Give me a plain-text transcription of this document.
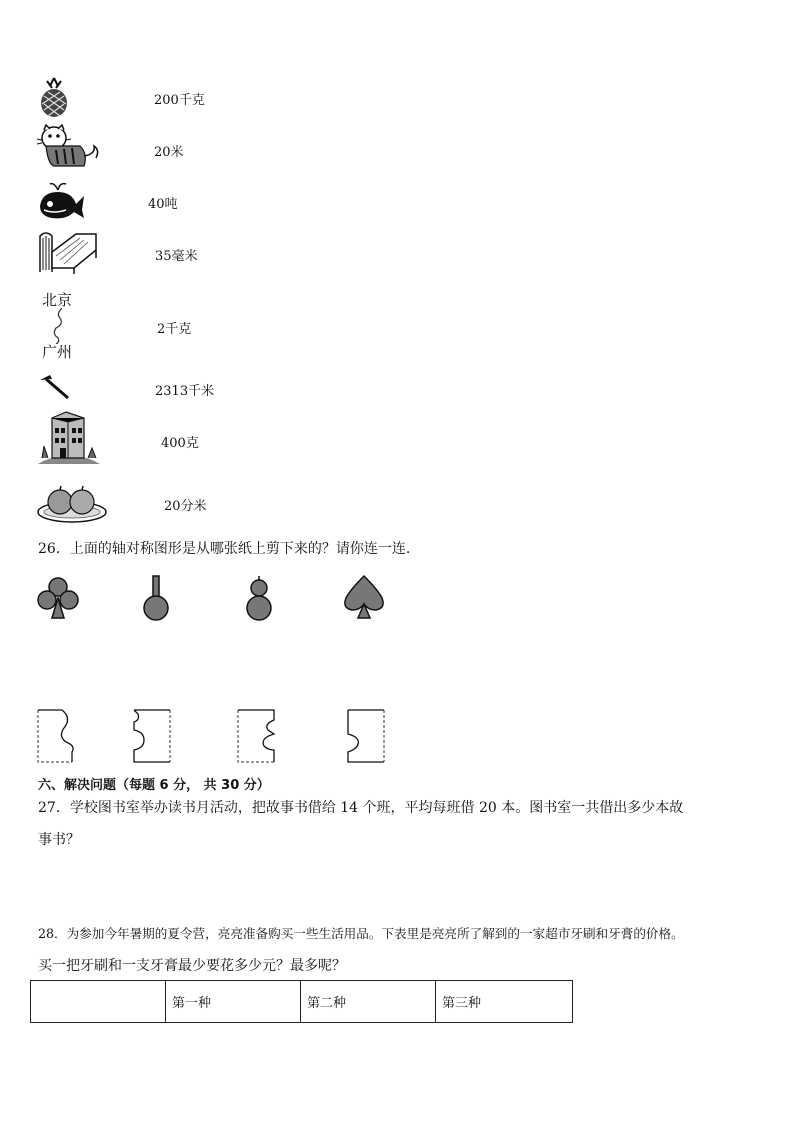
北京
广州
200千克
20米
40吨
35毫米
2千克
2313千米
400克
20分米
26．上面的轴对称图形是从哪张纸上剪下来的？请你连一连.
六、解决问题（每题 6 分， 共 30 分）
27．学校图书室举办读书月活动，把故事书借给 14 个班，平均每班借 20 本。图书室一共借出多少本故
事书？
28．为参加今年暑期的夏令营，亮亮准备购买一些生活用品。下表里是亮亮所了解到的一家超市牙刷和牙膏的价格。
买一把牙刷和一支牙膏最少要花多少元？最多呢？
	第一种	第二种	第三种
